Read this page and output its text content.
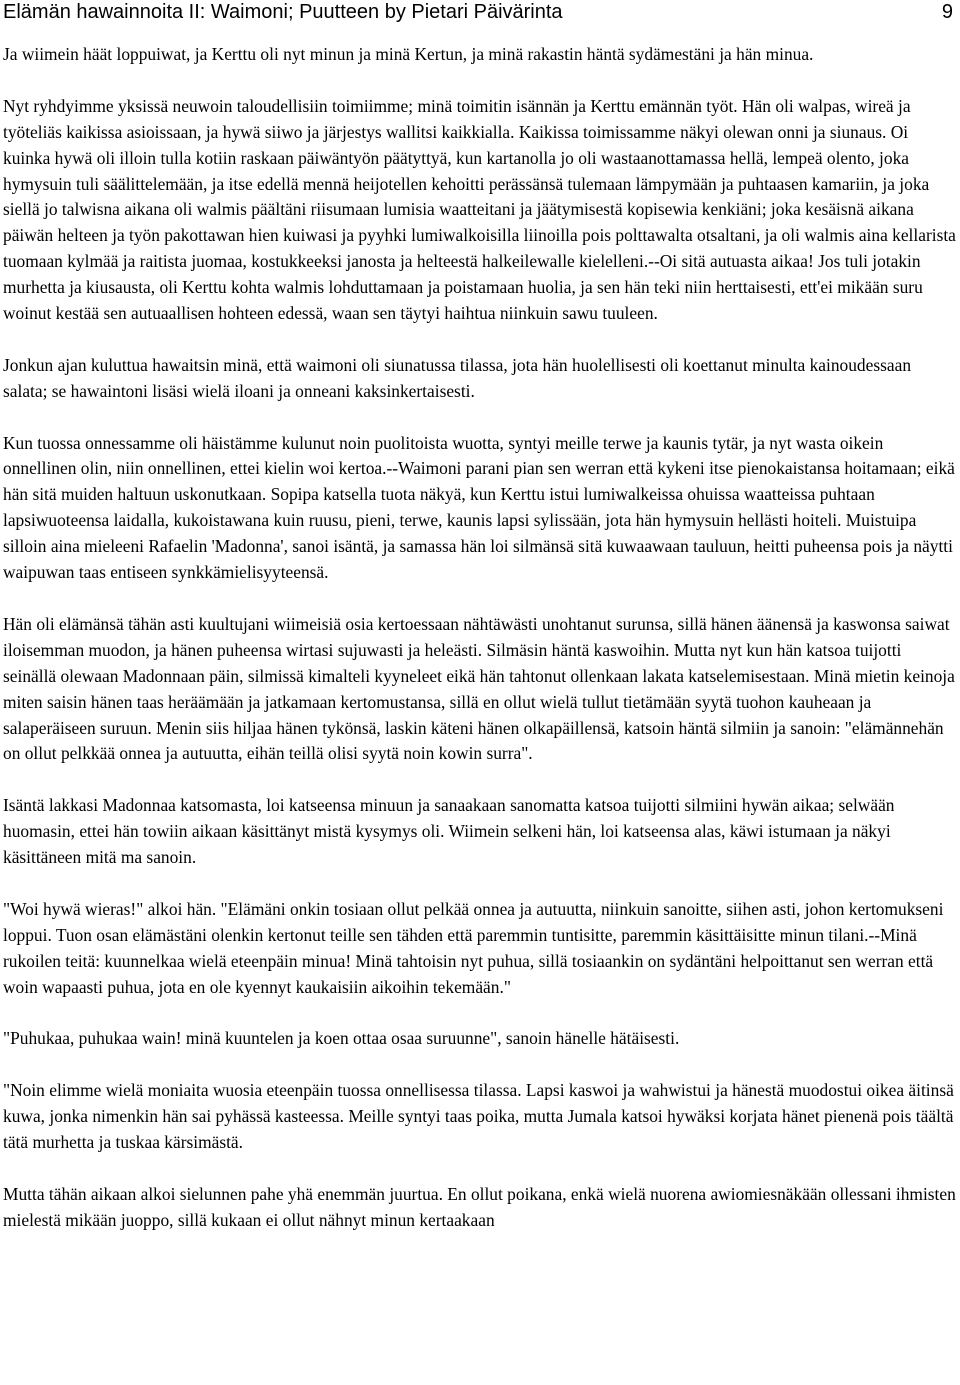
Elämän hawainnoita II: Waimoni; Puutteen by Pietari Päivärinta	9

Ja wiimein häät loppuiwat, ja Kerttu oli nyt minun ja minä Kertun, ja minä rakastin häntä sydämestäni ja hän minua.

Nyt ryhdyimme yksissä neuwoin taloudellisiin toimiimme; minä toimitin isännän ja Kerttu emännän työt. Hän oli walpas, wireä ja työteliäs kaikissa asioissaan, ja hywä siiwo ja järjestys wallitsi kaikkialla. Kaikissa toimissamme näkyi olewan onni ja siunaus. Oi kuinka hywä oli illoin tulla kotiin raskaan päiwäntyön päätyttyä, kun kartanolla jo oli wastaanottamassa hellä, lempeä olento, joka hymysuin tuli säälittelemään, ja itse edellä mennä heijotellen kehoitti perässänsä tulemaan lämpymään ja puhtaasen kamariin, ja joka siellä jo talwisna aikana oli walmis päältäni riisumaan lumisia waatteitani ja jäätymisestä kopisewia kenkiäni; joka kesäisnä aikana päiwän helteen ja työn pakottawan hien kuiwasi ja pyyhki lumiwalkoisilla liinoilla pois polttawalta otsaltani, ja oli walmis aina kellarista tuomaan kylmää ja raitista juomaa, kostukkeeksi janosta ja helteestä halkeilewalle kielelleni.--Oi sitä autuasta aikaa! Jos tuli jotakin murhetta ja kiusausta, oli Kerttu kohta walmis lohduttamaan ja poistamaan huolia, ja sen hän teki niin herttaisesti, ett'ei mikään suru woinut kestää sen autuaallisen hohteen edessä, waan sen täytyi haihtua niinkuin sawu tuuleen.

Jonkun ajan kuluttua hawaitsin minä, että waimoni oli siunatussa tilassa, jota hän huolellisesti oli koettanut minulta kainoudessaan salata; se hawaintoni lisäsi wielä iloani ja onneani kaksinkertaisesti.

Kun tuossa onnessamme oli häistämme kulunut noin puolitoista wuotta, syntyi meille terwe ja kaunis tytär, ja nyt wasta oikein onnellinen olin, niin onnellinen, ettei kielin woi kertoa.--Waimoni parani pian sen werran että kykeni itse pienokaistansa hoitamaan; eikä hän sitä muiden haltuun uskonutkaan. Sopipa katsella tuota näkyä, kun Kerttu istui lumiwalkeissa ohuissa waatteissa puhtaan lapsiwuoteensa laidalla, kukoistawana kuin ruusu, pieni, terwe, kaunis lapsi sylissään, jota hän hymysuin hellästi hoiteli. Muistuipa silloin aina mieleeni Rafaelin 'Madonna', sanoi isäntä, ja samassa hän loi silmänsä sitä kuwaawaan tauluun, heitti puheensa pois ja näytti waipuwan taas entiseen synkkämielisyyteensä.

Hän oli elämänsä tähän asti kuultujani wiimeisiä osia kertoessaan nähtäwästi unohtanut surunsa, sillä hänen äänensä ja kaswonsa saiwat iloisemman muodon, ja hänen puheensa wirtasi sujuwasti ja heleästi. Silmäsin häntä kaswoihin. Mutta nyt kun hän katsoa tuijotti seinällä olewaan Madonnaan päin, silmissä kimalteli kyyneleet eikä hän tahtonut ollenkaan lakata katselemisestaan. Minä mietin keinoja miten saisin hänen taas heräämään ja jatkamaan kertomustansa, sillä en ollut wielä tullut tietämään syytä tuohon kauheaan ja salaperäiseen suruun. Menin siis hiljaa hänen tykönsä, laskin käteni hänen olkapäillensä, katsoin häntä silmiin ja sanoin: "elämännehän on ollut pelkkää onnea ja autuutta, eihän teillä olisi syytä noin kowin surra".

Isäntä lakkasi Madonnaa katsomasta, loi katseensa minuun ja sanaakaan sanomatta katsoa tuijotti silmiini hywän aikaa; selwään huomasin, ettei hän towiin aikaan käsittänyt mistä kysymys oli. Wiimein selkeni hän, loi katseensa alas, käwi istumaan ja näkyi käsittäneen mitä ma sanoin.

"Woi hywä wieras!" alkoi hän. "Elämäni onkin tosiaan ollut pelkää onnea ja autuutta, niinkuin sanoitte, siihen asti, johon kertomukseni loppui. Tuon osan elämästäni olenkin kertonut teille sen tähden että paremmin tuntisitte, paremmin käsittäisitte minun tilani.--Minä rukoilen teitä: kuunnelkaa wielä eteenpäin minua! Minä tahtoisin nyt puhua, sillä tosiaankin on sydäntäni helpoittanut sen werran että woin wapaasti puhua, jota en ole kyennyt kaukaisiin aikoihin tekemään."

"Puhukaa, puhukaa wain! minä kuuntelen ja koen ottaa osaa suruunne", sanoin hänelle hätäisesti.

"Noin elimme wielä moniaita wuosia eteenpäin tuossa onnellisessa tilassa. Lapsi kaswoi ja wahwistui ja hänestä muodostui oikea äitinsä kuwa, jonka nimenkin hän sai pyhässä kasteessa. Meille syntyi taas poika, mutta Jumala katsoi hywäksi korjata hänet pienenä pois täältä tätä murhetta ja tuskaa kärsimästä.

Mutta tähän aikaan alkoi sielunnen pahe yhä enemmän juurtua. En ollut poikana, enkä wielä nuorena awiomiesnäkään ollessani ihmisten mielestä mikään juoppo, sillä kukaan ei ollut nähnyt minun kertaakaan
